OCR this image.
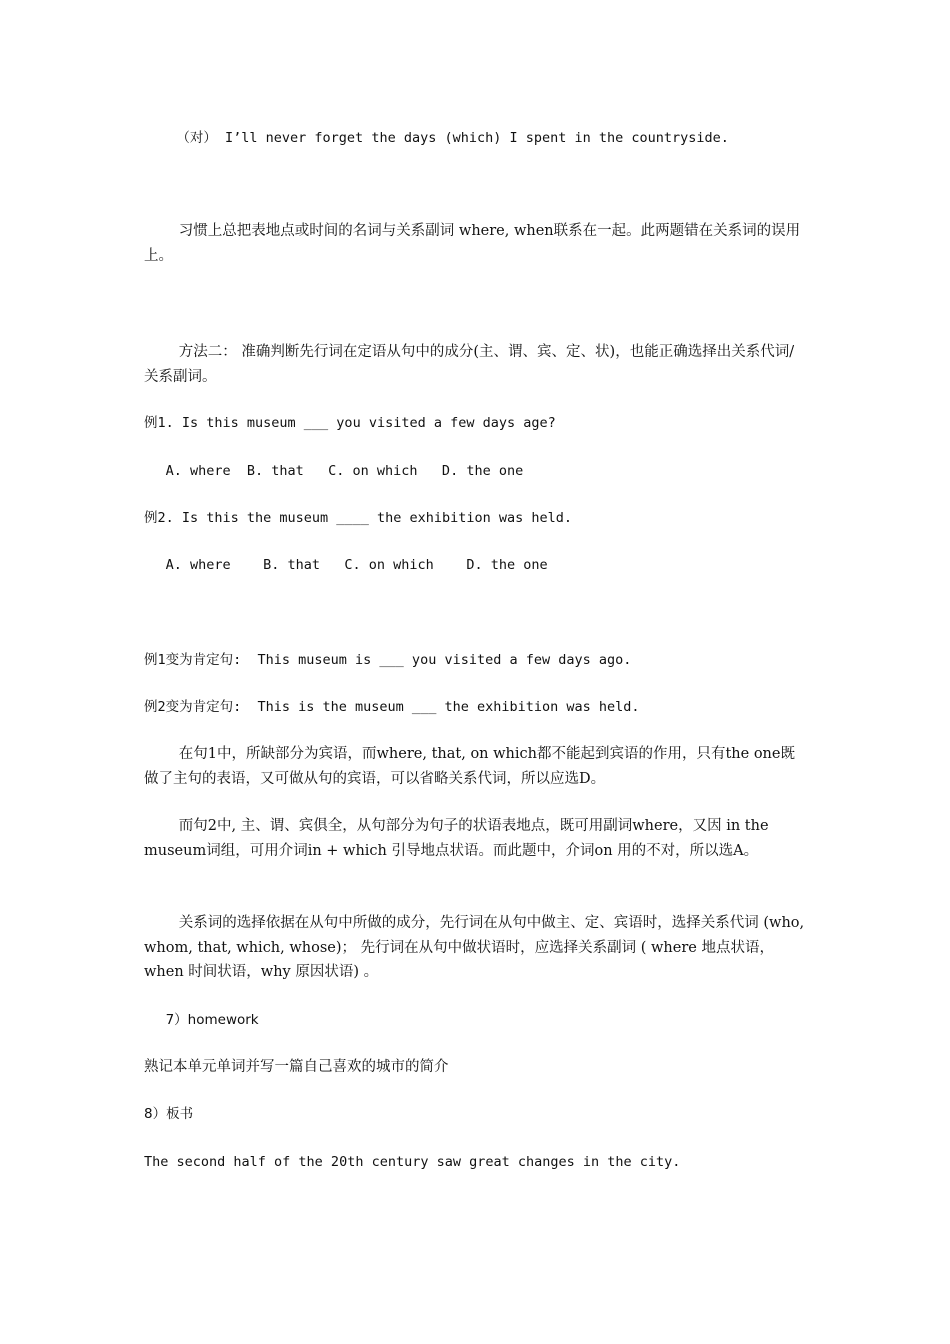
（对） I’ll never forget the days (which) I spent in the countryside.

习惯上总把表地点或时间的名词与关系副词 where, when联系在一起。此两题错在关系词的误用上。

方法二： 准确判断先行词在定语从句中的成分(主、谓、宾、定、状)，也能正确选择出关系代词/关系副词。

例1. Is this museum ___ you visited a few days age?

A. where  B. that   C. on which   D. the one

例2. Is this the museum ____ the exhibition was held.

A. where    B. that   C. on which    D. the one

例1变为肯定句:  This museum is ___ you visited a few days ago.

例2变为肯定句:  This is the museum ___ the exhibition was held.

在句1中，所缺部分为宾语，而where, that, on which都不能起到宾语的作用，只有the one既做了主句的表语，又可做从句的宾语，可以省略关系代词，所以应选D。

而句2中, 主、谓、宾俱全，从句部分为句子的状语表地点，既可用副词where，又因 in the museum词组，可用介词in + which 引导地点状语。而此题中，介词on 用的不对，所以选A。

关系词的选择依据在从句中所做的成分，先行词在从句中做主、定、宾语时，选择关系代词 (who, whom, that, which, whose)； 先行词在从句中做状语时，应选择关系副词 ( where 地点状语，when 时间状语，why 原因状语) 。

7）homework

熟记本单元单词并写一篇自己喜欢的城市的简介

8）板书

The second half of the 20th century saw great changes in the city.
